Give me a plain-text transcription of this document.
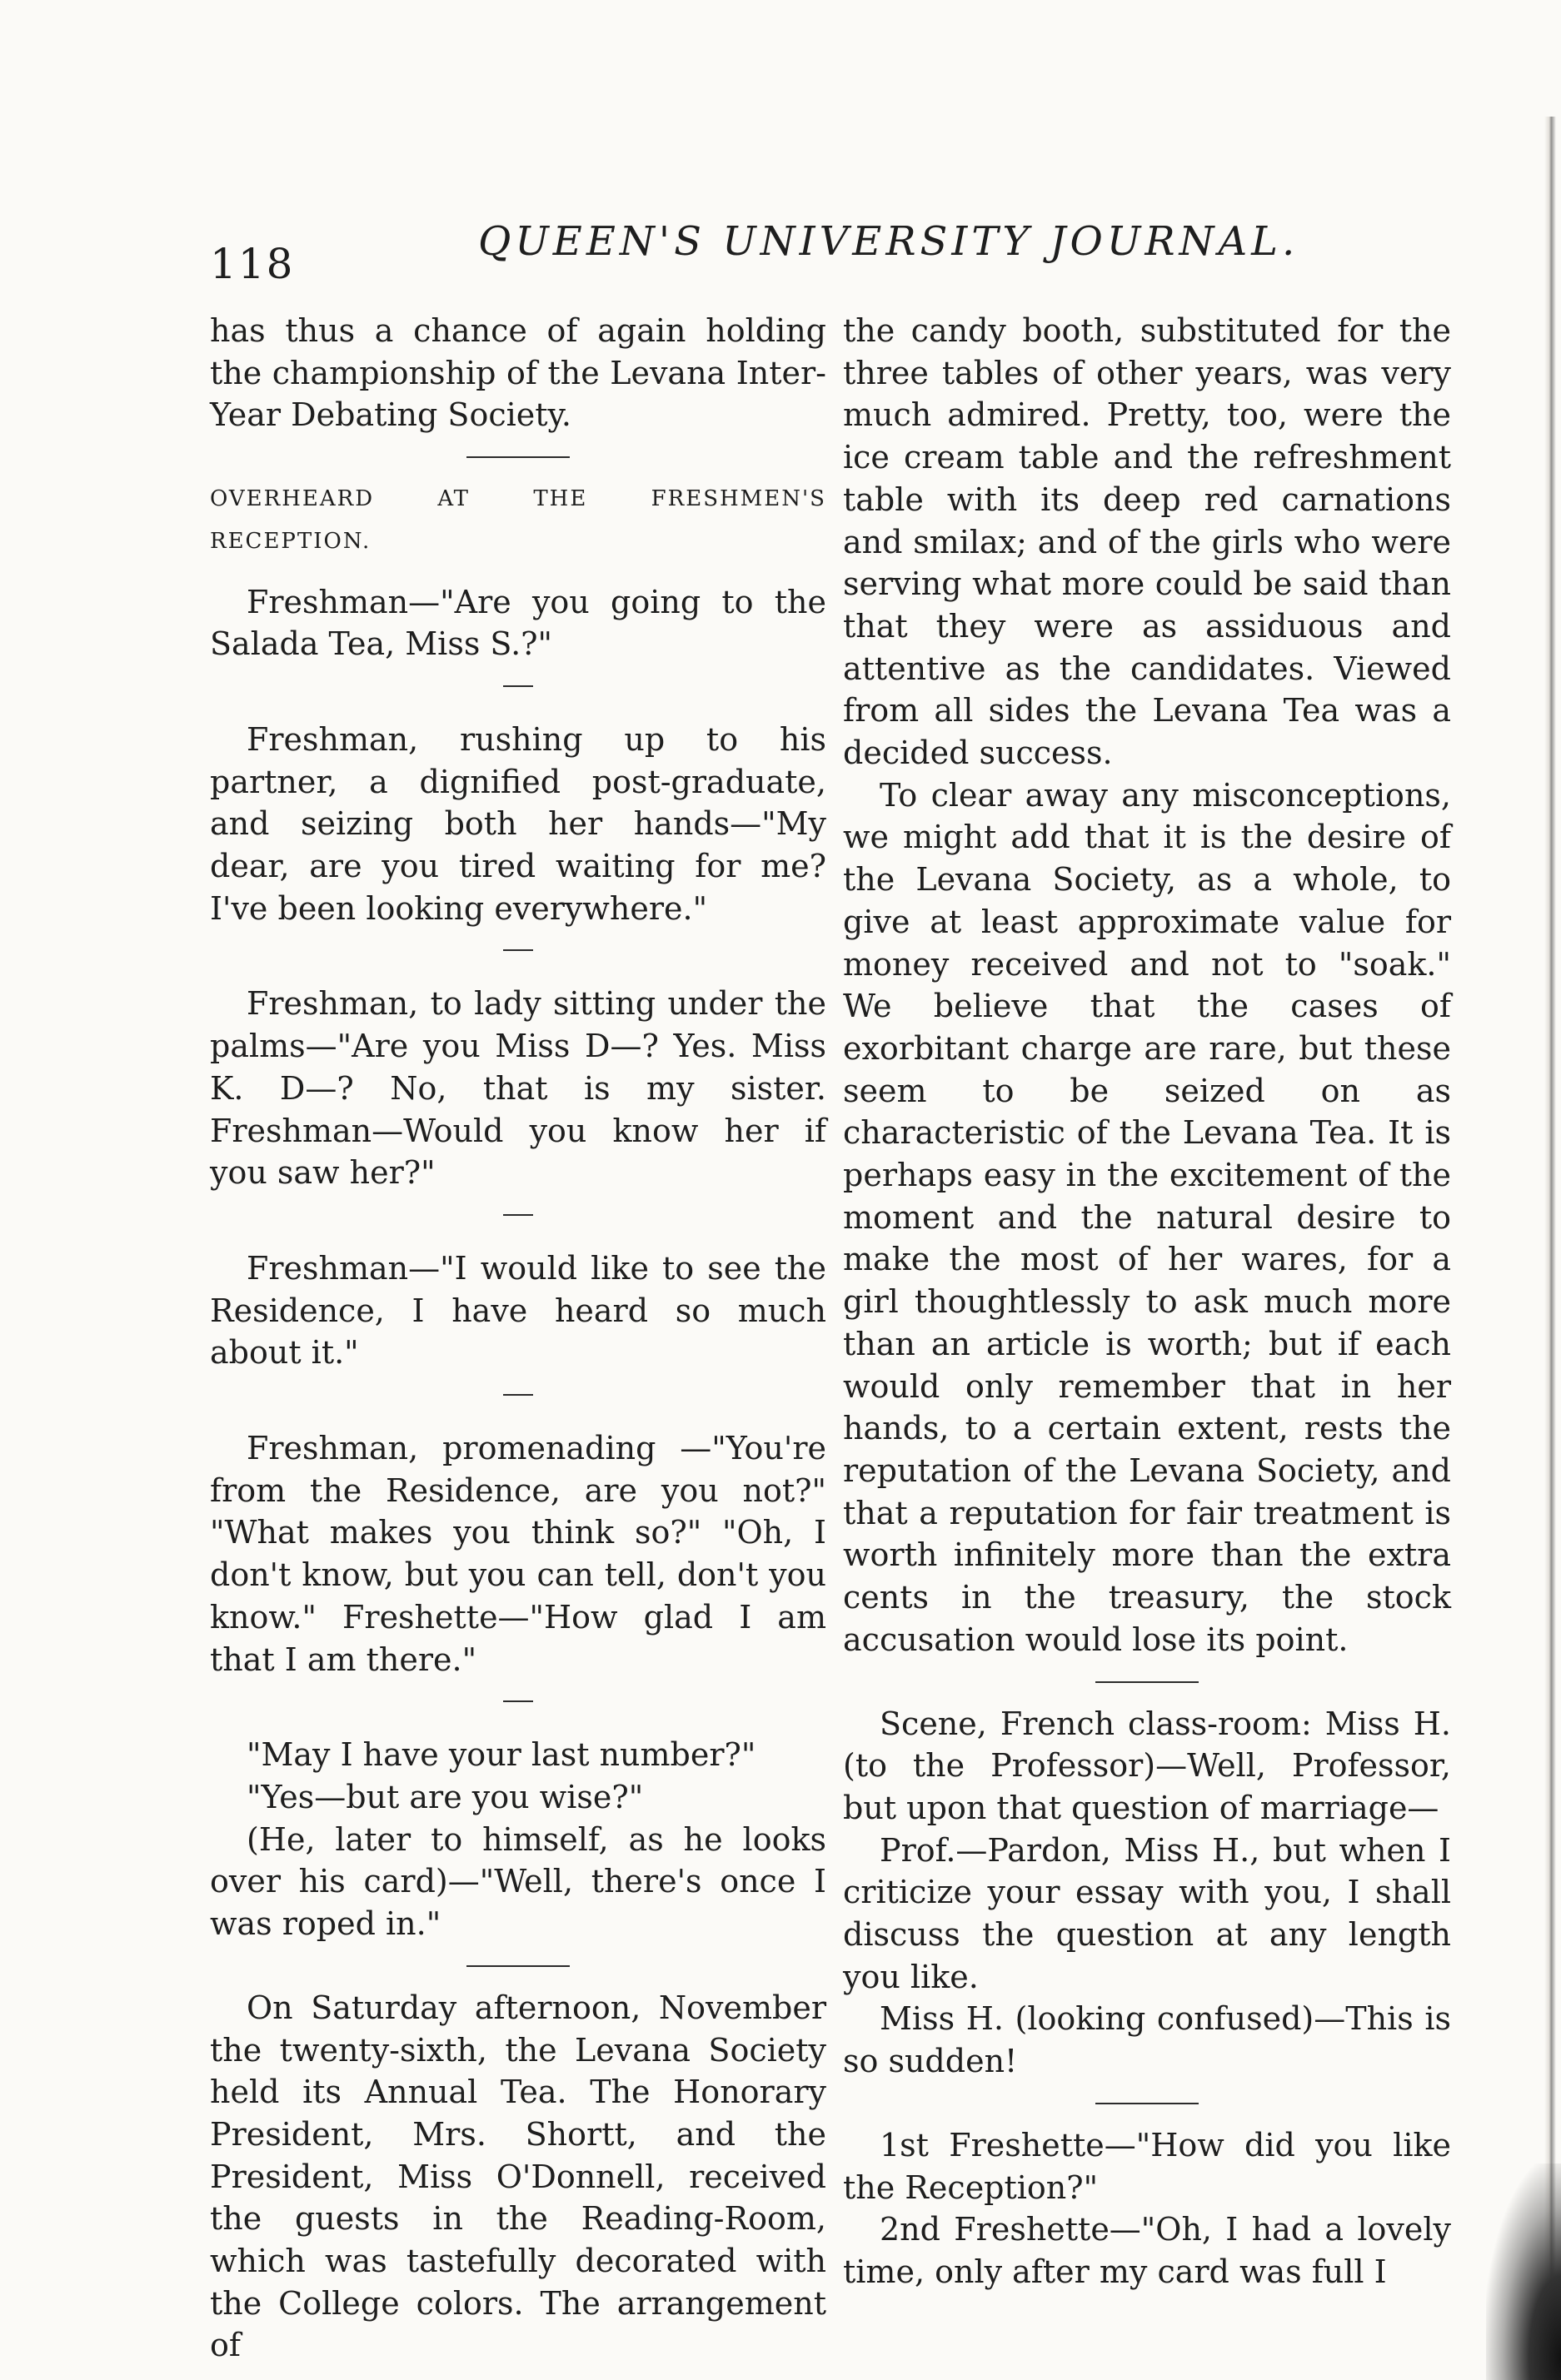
118	QUEEN'S UNIVERSITY JOURNAL.

has thus a chance of again holding the championship of the Levana Inter-Year Debating Society.

OVERHEARD AT THE FRESHMEN'S RECEPTION.

Freshman—"Are you going to the Salada Tea, Miss S.?"

Freshman, rushing up to his partner, a dignified post-graduate, and seizing both her hands—"My dear, are you tired waiting for me? I've been looking everywhere."

Freshman, to lady sitting under the palms—"Are you Miss D—? Yes. Miss K. D—? No, that is my sister. Freshman—Would you know her if you saw her?"

Freshman—"I would like to see the Residence, I have heard so much about it."

Freshman, promenading —"You're from the Residence, are you not?" "What makes you think so?" "Oh, I don't know, but you can tell, don't you know." Freshette—"How glad I am that I am there."

"May I have your last number?"

"Yes—but are you wise?"

(He, later to himself, as he looks over his card)—"Well, there's once I was roped in."

On Saturday afternoon, November the twenty-sixth, the Levana Society held its Annual Tea. The Honorary President, Mrs. Shortt, and the President, Miss O'Donnell, received the guests in the Reading-Room, which was tastefully decorated with the College colors. The arrangement of

the candy booth, substituted for the three tables of other years, was very much admired. Pretty, too, were the ice cream table and the refreshment table with its deep red carnations and smilax; and of the girls who were serving what more could be said than that they were as assiduous and attentive as the candidates. Viewed from all sides the Levana Tea was a decided success.

To clear away any misconceptions, we might add that it is the desire of the Levana Society, as a whole, to give at least approximate value for money received and not to "soak." We believe that the cases of exorbitant charge are rare, but these seem to be seized on as characteristic of the Levana Tea. It is perhaps easy in the excitement of the moment and the natural desire to make the most of her wares, for a girl thoughtlessly to ask much more than an article is worth; but if each would only remember that in her hands, to a certain extent, rests the reputation of the Levana Society, and that a reputation for fair treatment is worth infinitely more than the extra cents in the treasury, the stock accusation would lose its point.

Scene, French class-room: Miss H. (to the Professor)—Well, Professor, but upon that question of marriage—

Prof.—Pardon, Miss H., but when I criticize your essay with you, I shall discuss the question at any length you like.

Miss H. (looking confused)—This is so sudden!

1st Freshette—"How did you like the Reception?"

2nd Freshette—"Oh, I had a lovely time, only after my card was full I
